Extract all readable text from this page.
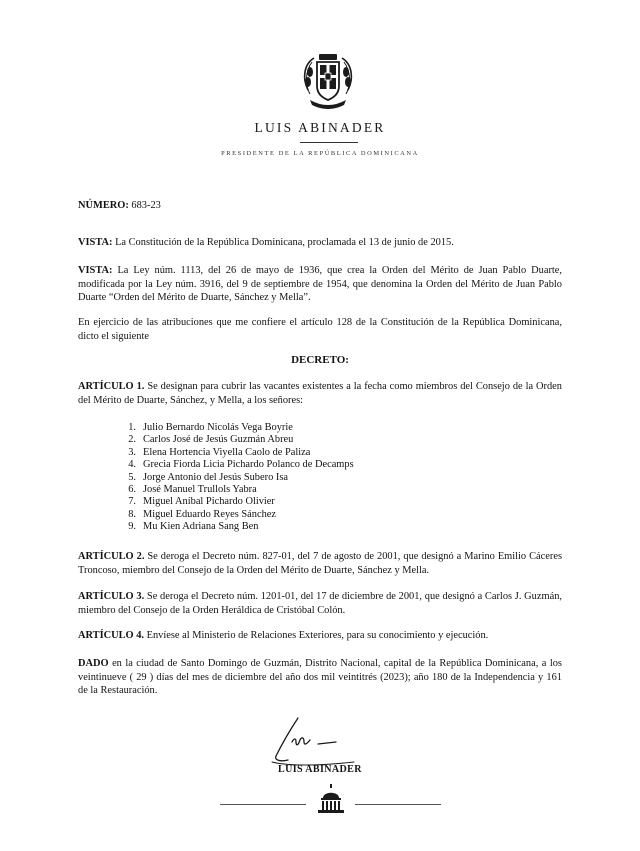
LUIS ABINADER
PRESIDENTE DE LA REPÚBLICA DOMINICANA
NÚMERO: 683-23
VISTA: La Constitución de la República Dominicana, proclamada el 13 de junio de 2015.
VISTA: La Ley núm. 1113, del 26 de mayo de 1936, que crea la Orden del Mérito de Juan Pablo Duarte, modificada por la Ley núm. 3916, del 9 de septiembre de 1954, que denomina la Orden del Mérito de Juan Pablo Duarte “Orden del Mérito de Duarte, Sánchez y Mella”.
En ejercicio de las atribuciones que me confiere el artículo 128 de la Constitución de la República Dominicana, dicto el siguiente
DECRETO:
ARTÍCULO 1. Se designan para cubrir las vacantes existentes a la fecha como miembros del Consejo de la Orden del Mérito de Duarte, Sánchez, y Mella, a los señores:
1. Julio Bernardo Nicolás Vega Boyrie
2. Carlos José de Jesús Guzmán Abreu
3. Elena Hortencia Viyella Caolo de Paliza
4. Grecia Fiorda Licia Pichardo Polanco de Decamps
5. Jorge Antonio del Jesús Subero Isa
6. José Manuel Trullols Yabra
7. Miguel Aníbal Pichardo Olivier
8. Miguel Eduardo Reyes Sánchez
9. Mu Kien Adriana Sang Ben
ARTÍCULO 2. Se deroga el Decreto núm. 827-01, del 7 de agosto de 2001, que designó a Marino Emilio Cáceres Troncoso, miembro del Consejo de la Orden del Mérito de Duarte, Sánchez y Mella.
ARTÍCULO 3. Se deroga el Decreto núm. 1201-01, del 17 de diciembre de 2001, que designó a Carlos J. Guzmán, miembro del Consejo de la Orden Heráldica de Cristóbal Colón.
ARTÍCULO 4. Envíese al Ministerio de Relaciones Exteriores, para su conocimiento y ejecución.
DADO en la ciudad de Santo Domingo de Guzmán, Distrito Nacional, capital de la República Dominicana, a los veintinueve ( 29 ) días del mes de diciembre del año dos mil veintitrés (2023); año 180 de la Independencia y 161 de la Restauración.
LUIS ABINADER
